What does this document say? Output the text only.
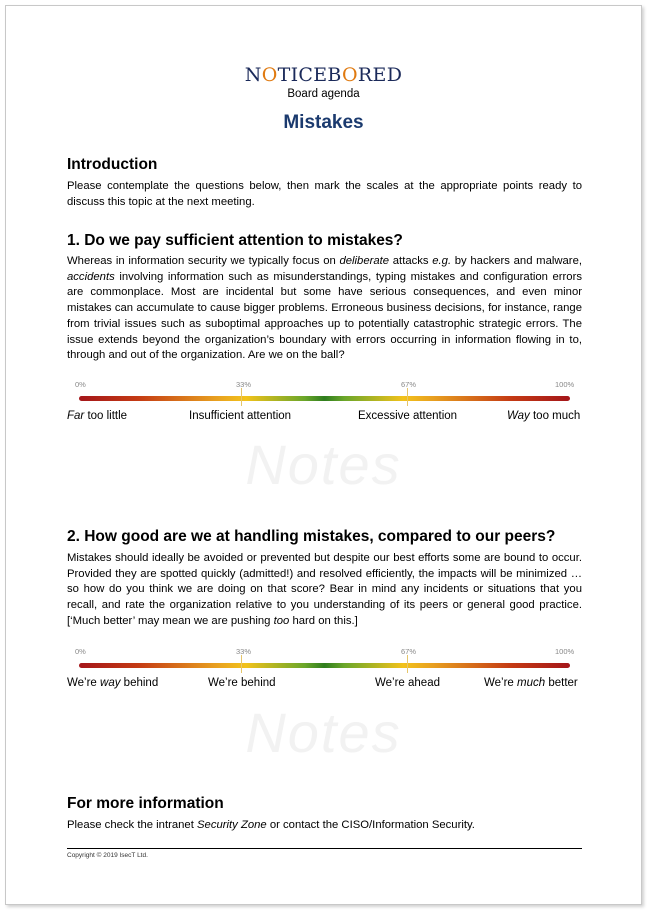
NOTICEBORED
Board agenda
Mistakes
Introduction

Please contemplate the questions below, then mark the scales at the appropriate points ready to discuss this topic at the next meeting.

1. Do we pay sufficient attention to mistakes?

Whereas in information security we typically focus on deliberate attacks e.g. by hackers and malware, accidents involving information such as misunderstandings, typing mistakes and configuration errors are commonplace. Most are incidental but some have serious consequences, and even minor mistakes can accumulate to cause bigger problems. Erroneous business decisions, for instance, range from trivial issues such as suboptimal approaches up to potentially catastrophic strategic errors. The issue extends beyond the organization’s boundary with errors occurring in information flowing in to, through and out of the organization. Are we on the ball?

0%	33%	67%	100%
Far too little	Insufficient attention	Excessive attention	Way too much
Notes
2. How good are we at handling mistakes, compared to our peers?

Mistakes should ideally be avoided or prevented but despite our best efforts some are bound to occur. Provided they are spotted quickly (admitted!) and resolved efficiently, the impacts will be minimized … so how do you think we are doing on that score? Bear in mind any incidents or situations that you recall, and rate the organization relative to you understanding of its peers or general good practice. [‘Much better’ may mean we are pushing too hard on this.]

0%	33%	67%	100%
We’re way behind	We’re behind	We’re ahead	We’re much better
Notes
For more information

Please check the intranet Security Zone or contact the CISO/Information Security.

Copyright © 2019 IsecT Ltd.
